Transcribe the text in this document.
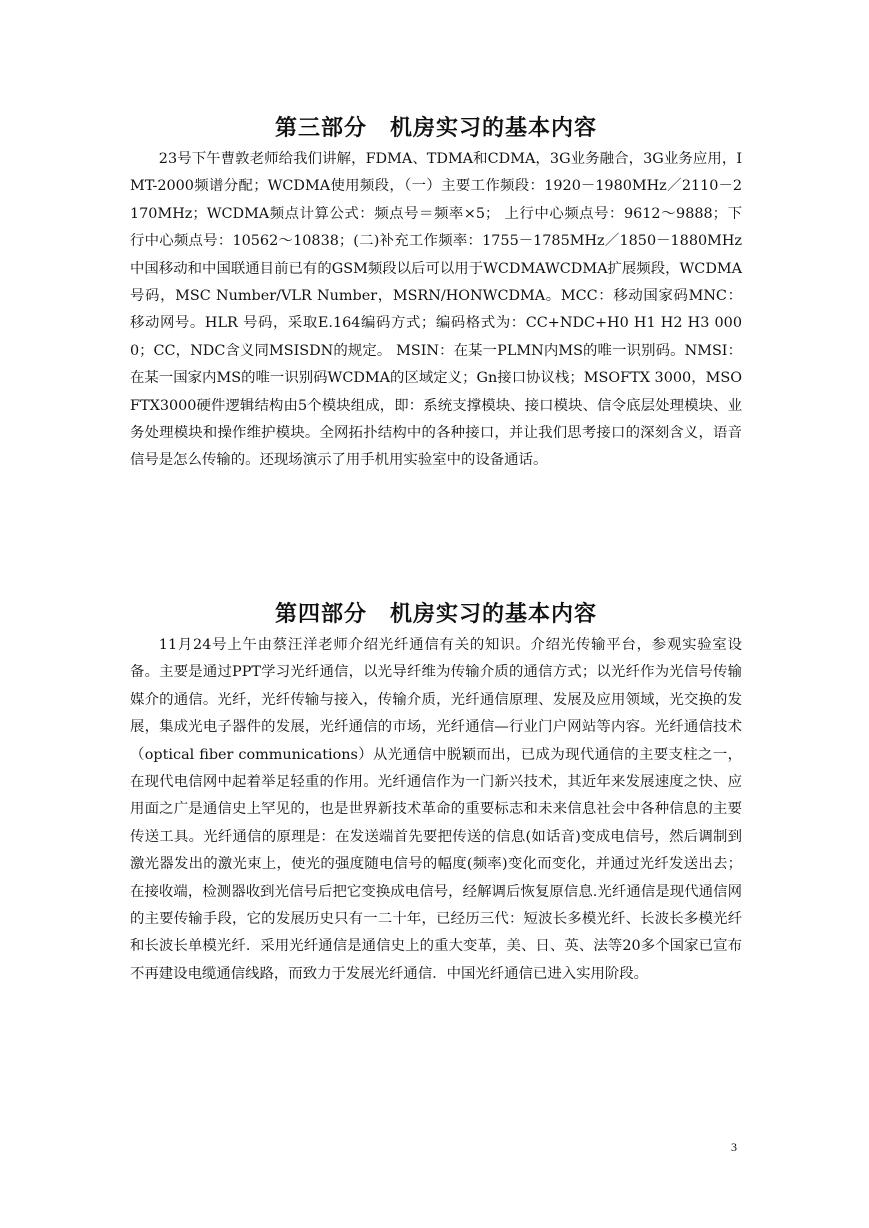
第三部分　机房实习的基本内容

23号下午曹敦老师给我们讲解，FDMA、TDMA和CDMA，3G业务融合，3G业务应用，IMT-2000频谱分配；WCDMA使用频段，（一）主要工作频段：1920－1980MHz／2110－2170MHz；WCDMA频点计算公式：频点号＝频率×5； 上行中心频点号：9612～9888；下行中心频点号：10562～10838；(二)补充工作频率：1755－1785MHz／1850－1880MHz中国移动和中国联通目前已有的GSM频段以后可以用于WCDMAWCDMA扩展频段，WCDMA号码，MSC Number/VLR Number，MSRN/HONWCDMA。MCC：移动国家码MNC：移动网号。HLR 号码，采取E.164编码方式；编码格式为：CC+NDC+H0 H1 H2 H3 0000；CC，NDC含义同MSISDN的规定。 MSIN：在某一PLMN内MS的唯一识别码。NMSI：在某一国家内MS的唯一识别码WCDMA的区域定义；Gn接口协议栈；MSOFTX 3000，MSOFTX3000硬件逻辑结构由5个模块组成，即：系统支撑模块、接口模块、信令底层处理模块、业务处理模块和操作维护模块。全网拓扑结构中的各种接口，并让我们思考接口的深刻含义，语音信号是怎么传输的。还现场演示了用手机用实验室中的设备通话。

第四部分　机房实习的基本内容

11月24号上午由蔡汪洋老师介绍光纤通信有关的知识。介绍光传输平台，参观实验室设备。主要是通过PPT学习光纤通信，以光导纤维为传输介质的通信方式；以光纤作为光信号传输媒介的通信。光纤，光纤传输与接入，传输介质，光纤通信原理、发展及应用领域，光交换的发展，集成光电子器件的发展，光纤通信的市场，光纤通信—行业门户网站等内容。光纤通信技术（optical fiber communications）从光通信中脱颖而出，已成为现代通信的主要支柱之一，在现代电信网中起着举足轻重的作用。光纤通信作为一门新兴技术，其近年来发展速度之快、应用面之广是通信史上罕见的，也是世界新技术革命的重要标志和未来信息社会中各种信息的主要传送工具。光纤通信的原理是：在发送端首先要把传送的信息(如话音)变成电信号，然后调制到激光器发出的激光束上，使光的强度随电信号的幅度(频率)变化而变化，并通过光纤发送出去；在接收端，检测器收到光信号后把它变换成电信号，经解调后恢复原信息.光纤通信是现代通信网的主要传输手段，它的发展历史只有一二十年，已经历三代：短波长多模光纤、长波长多模光纤和长波长单模光纤．采用光纤通信是通信史上的重大变革，美、日、英、法等20多个国家已宣布不再建设电缆通信线路，而致力于发展光纤通信．中国光纤通信已进入实用阶段。

3
